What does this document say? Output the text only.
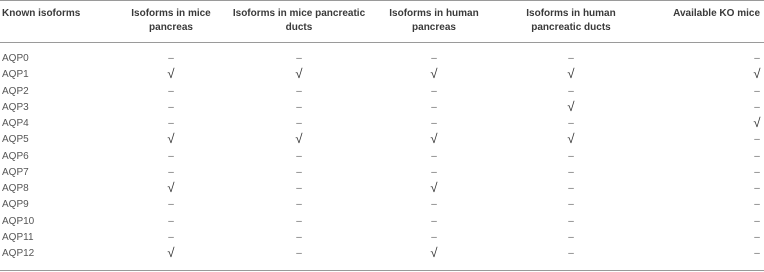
Known isoforms	Isoforms in mice pancreas	Isoforms in mice pancreatic ducts	Isoforms in human pancreas	Isoforms in human pancreatic ducts	Available KO mice
AQP0	–	–	–	–	–
AQP1	√	√	√	√	√
AQP2	–	–	–	–	–
AQP3	–	–	–	√	–
AQP4	–	–	–	–	√
AQP5	√	√	√	√	–
AQP6	–	–	–	–	–
AQP7	–	–	–	–	–
AQP8	√	–	√	–	–
AQP9	–	–	–	–	–
AQP10	–	–	–	–	–
AQP11	–	–	–	–	–
AQP12	√	–	√	–	–
